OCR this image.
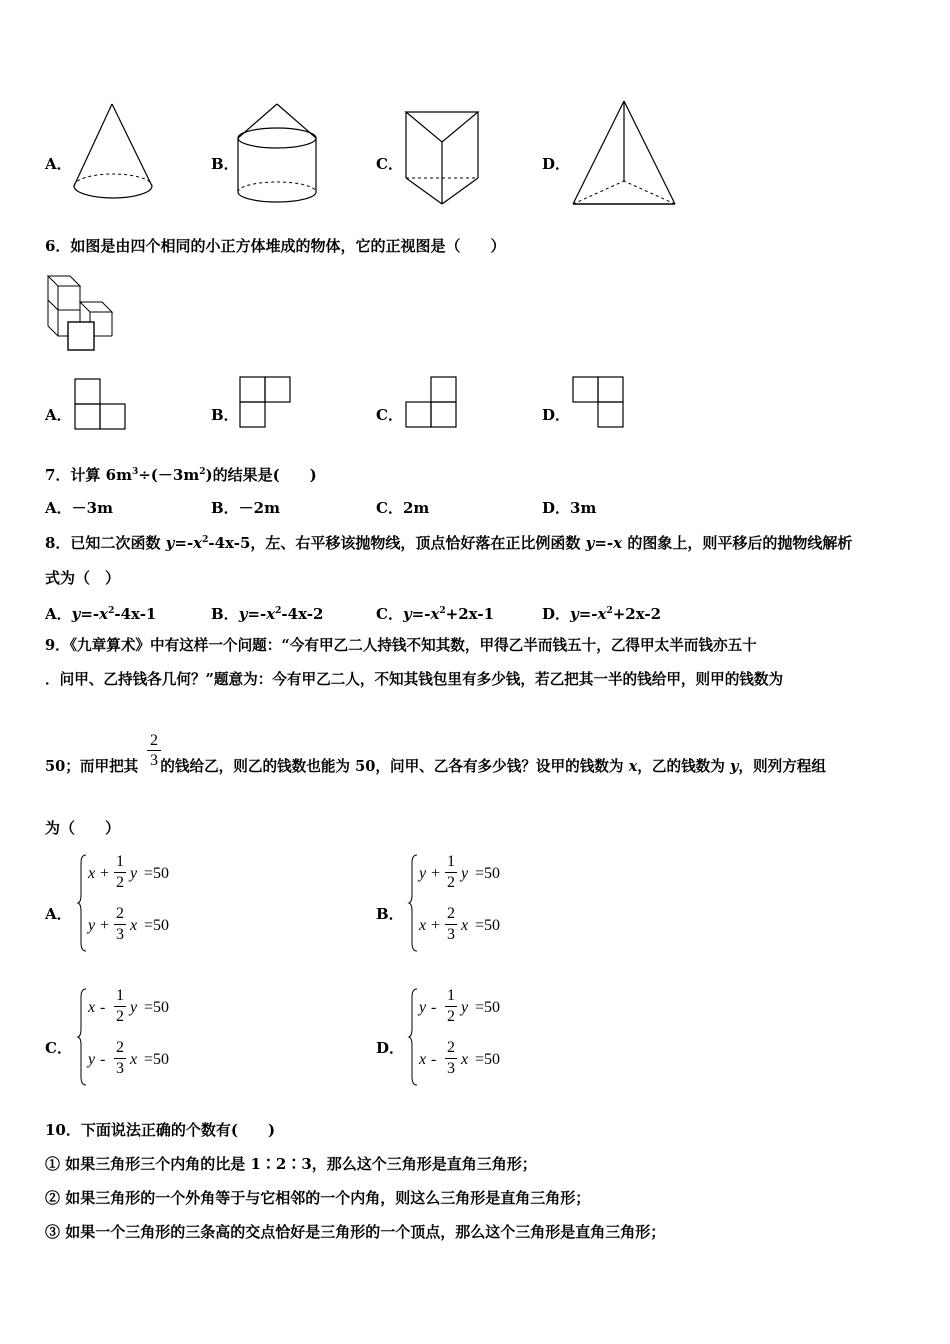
A．	B．	C．	D．
6．如图是由四个相同的小正方体堆成的物体，它的正视图是（　　）
A．	B．	C．	D．
7．计算 $6m^3\div(-3m^2)$的结果是(　　)
A．－3m	B．－2m	C．2m	D．3m
8．已知二次函数 $y=-x^2-4x-5$，左、右平移该抛物线，顶点恰好落在正比例函数 y=-x 的图象上，则平移后的抛物线解析
式为（　）
A．$y=-x^2-4x-1$	B．$y=-x^2-4x-2$	C．$y=-x^2+2x-1$	D．$y=-x^2+2x-2$
9．《九章算术》中有这样一个问题：“今有甲乙二人持钱不知其数，甲得乙半而钱五十，乙得甲太半而钱亦五十
．问甲、乙持钱各几何？”题意为：今有甲乙二人，不知其钱包里有多少钱，若乙把其一半的钱给甲，则甲的钱数为
50；而甲把其 的钱给乙，则乙的钱数也能为 50，问甲、乙各有多少钱？设甲的钱数为 x，乙的钱数为 y，则列方程组
2
3
为（　　）
A．
x +
1
2
y =50
y +
2
3
x =50
B．
y +
1
2
y =50
x +
2
3
x =50
C．
x -
1
2
y =50
y -
2
3
x =50
D．
y -
1
2
y =50
x -
2
3
x =50
10．下面说法正确的个数有(　　)
① 如果三角形三个内角的比是 1∶2∶3，那么这个三角形是直角三角形；
② 如果三角形的一个外角等于与它相邻的一个内角，则这么三角形是直角三角形；
③ 如果一个三角形的三条高的交点恰好是三角形的一个顶点，那么这个三角形是直角三角形；
